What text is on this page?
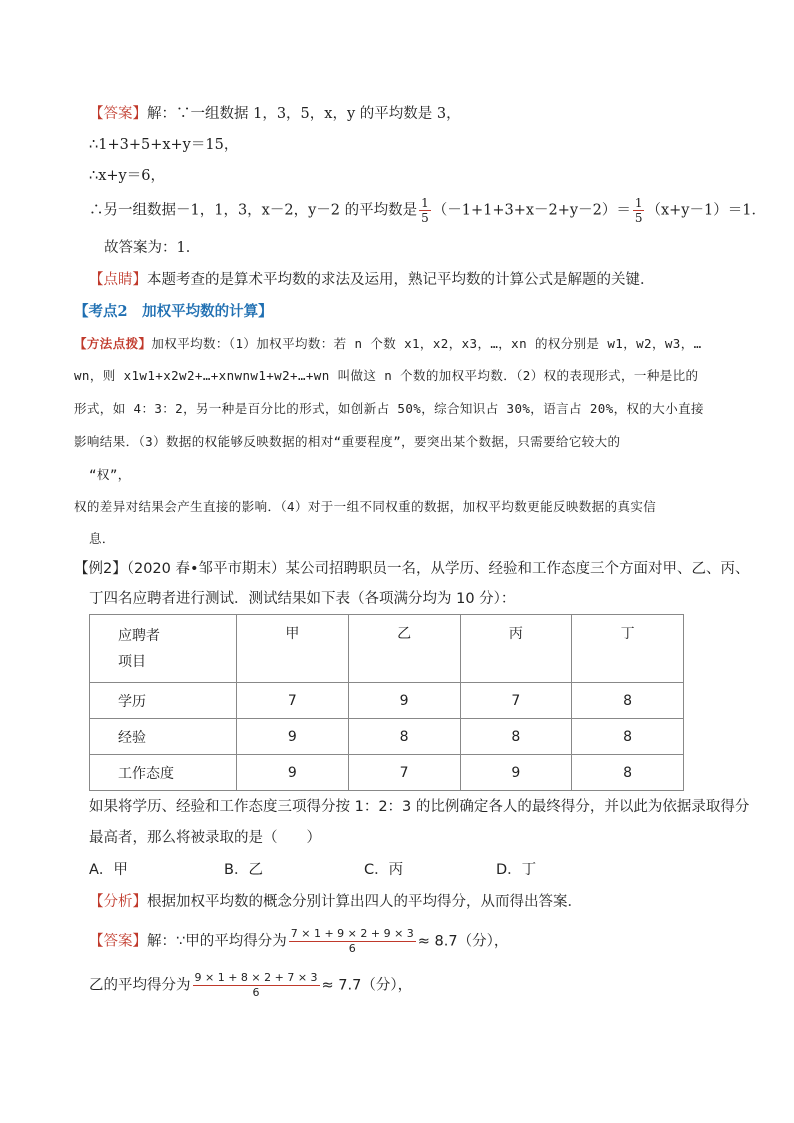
【答案】解：∵一组数据 1，3，5，x，y 的平均数是 3，
∴1+3+5+x+y＝15，
∴x+y＝6，
∴另一组数据－1，1，3，x－2，y－2 的平均数是 $\frac{1}{5} (-1+1+3+x-2+y-2)= \frac{1}{5} (x+y-1)=1$．
故答案为：1．
【点睛】本题考查的是算术平均数的求法及运用，熟记平均数的计算公式是解题的关键．
【考点2　加权平均数的计算】
【方法点拨】加权平均数：（1）加权平均数：若 n 个数 x1，x2，x3，…，xn 的权分别是 w1，w2，w3，…
wn，则 x1w1+x2w2+…+xnwnw1+w2+…+wn 叫做这 n 个数的加权平均数．（2）权的表现形式，一种是比的
形式，如 4：3：2，另一种是百分比的形式，如创新占 50%，综合知识占 30%，语言占 20%，权的大小直接
影响结果．（3）数据的权能够反映数据的相对“重要程度”，要突出某个数据，只需要给它较大的
“权”，
权的差异对结果会产生直接的影响．（4）对于一组不同权重的数据，加权平均数更能反映数据的真实信
息．
【例2】（2020 春•邹平市期末）某公司招聘职员一名，从学历、经验和工作态度三个方面对甲、乙、丙、
丁四名应聘者进行测试．测试结果如下表（各项满分均为 10 分）：
应聘者
项目	甲	乙	丙	丁
学历	7	9	7	8
经验	9	8	8	8
工作态度	9	7	9	8
如果将学历、经验和工作态度三项得分按 1：2：3 的比例确定各人的最终得分，并以此为依据录取得分
最高者，那么将被录取的是（　　）
A．甲	B．乙	C．丙	D．丁
【分析】根据加权平均数的概念分别计算出四人的平均得分，从而得出答案．
【答案】解：∵甲的平均得分为 $\frac{7 \times 1 + 9 \times 2 + 9 \times 3}{6} \approx 8.7$（分），
乙的平均得分为 $\frac{9 \times 1 + 8 \times 2 + 7 \times 3}{6} \approx 7.7$（分），
